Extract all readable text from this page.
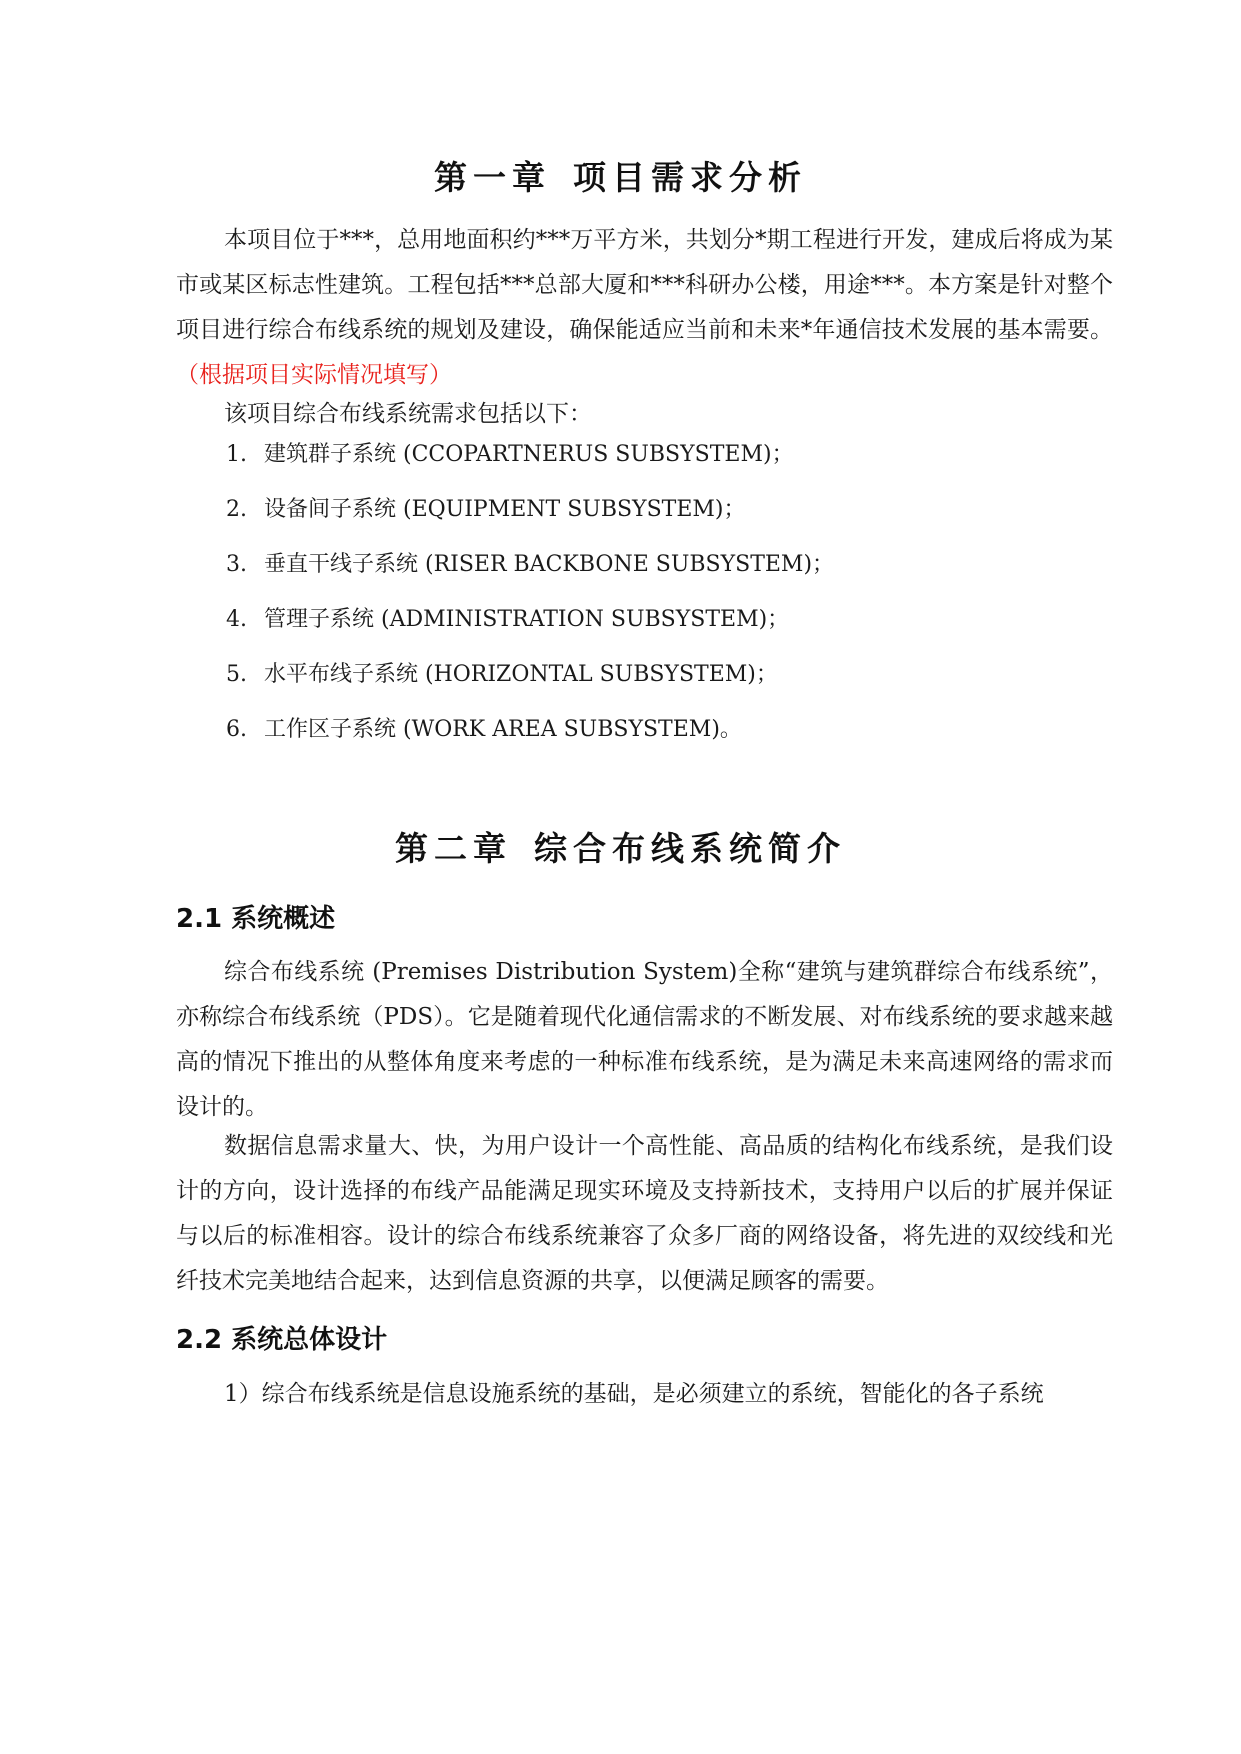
第一章 项目需求分析

本项目位于***，总用地面积约***万平方米，共划分*期工程进行开发，建成后将成为某市或某区标志性建筑。工程包括***总部大厦和***科研办公楼，用途***。本方案是针对整个项目进行综合布线系统的规划及建设，确保能适应当前和未来*年通信技术发展的基本需要。（根据项目实际情况填写）

该项目综合布线系统需求包括以下：

1. 建筑群子系统 (CCOPARTNERUS SUBSYSTEM)；

2. 设备间子系统 (EQUIPMENT SUBSYSTEM)；

3. 垂直干线子系统 (RISER BACKBONE SUBSYSTEM)；

4. 管理子系统 (ADMINISTRATION SUBSYSTEM)；

5. 水平布线子系统 (HORIZONTAL SUBSYSTEM)；

6. 工作区子系统 (WORK AREA SUBSYSTEM)。

第二章 综合布线系统简介
2.1 系统概述

综合布线系统 (Premises Distribution System)全称“建筑与建筑群综合布线系统”，亦称综合布线系统（PDS）。它是随着现代化通信需求的不断发展、对布线系统的要求越来越高的情况下推出的从整体角度来考虑的一种标准布线系统，是为满足未来高速网络的需求而设计的。

数据信息需求量大、快，为用户设计一个高性能、高品质的结构化布线系统，是我们设计的方向，设计选择的布线产品能满足现实环境及支持新技术，支持用户以后的扩展并保证与以后的标准相容。设计的综合布线系统兼容了众多厂商的网络设备，将先进的双绞线和光纤技术完美地结合起来，达到信息资源的共享，以便满足顾客的需要。

2.2 系统总体设计

1）综合布线系统是信息设施系统的基础，是必须建立的系统，智能化的各子系统
